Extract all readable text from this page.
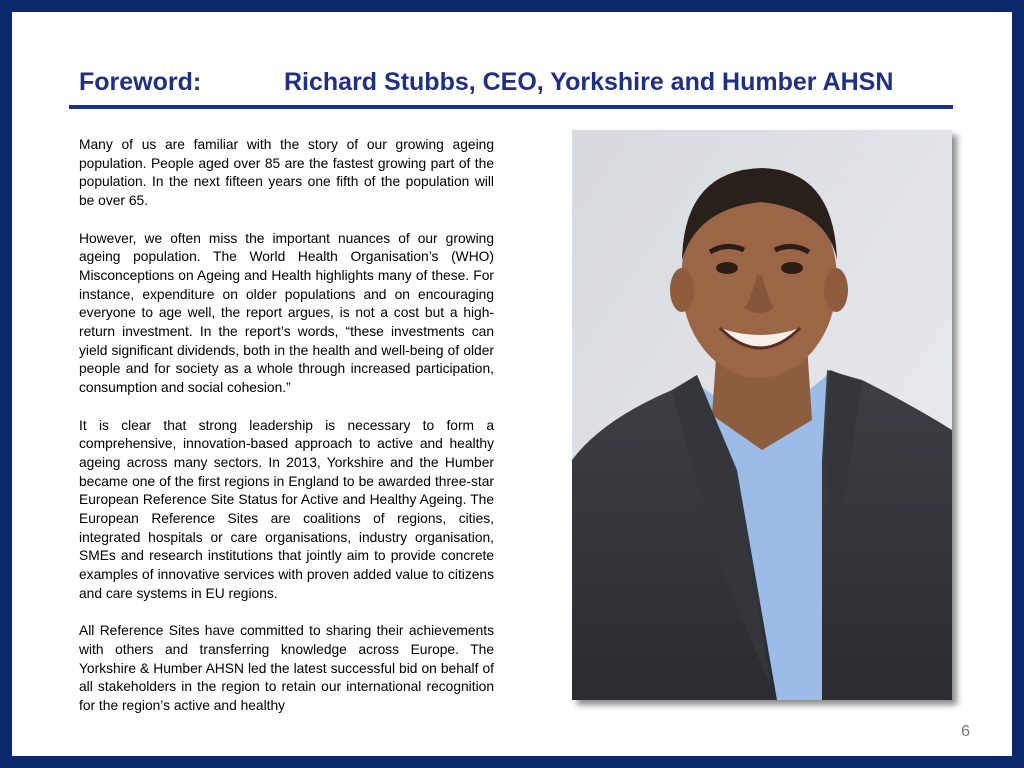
Foreword:	Richard Stubbs, CEO, Yorkshire and Humber AHSN

Many of us are familiar with the story of our growing ageing population. People aged over 85 are the fastest growing part of the population. In the next fifteen years one fifth of the population will be over 65.

However, we often miss the important nuances of our growing ageing population. The World Health Organisation’s (WHO) Misconceptions on Ageing and Health highlights many of these. For instance, expenditure on older populations and on encouraging everyone to age well, the report argues, is not a cost but a high-return investment. In the report’s words, “these investments can yield significant dividends, both in the health and well-being of older people and for society as a whole through increased participation, consumption and social cohesion.”

It is clear that strong leadership is necessary to form a comprehensive, innovation-based approach to active and healthy ageing across many sectors. In 2013, Yorkshire and the Humber became one of the first regions in England to be awarded three-star European Reference Site Status for Active and Healthy Ageing. The European Reference Sites are coalitions of regions, cities, integrated hospitals or care organisations, industry organisation, SMEs and research institutions that jointly aim to provide concrete examples of innovative services with proven added value to citizens and care systems in EU regions.

All Reference Sites have committed to sharing their achievements with others and transferring knowledge across Europe. The Yorkshire & Humber AHSN led the latest successful bid on behalf of all stakeholders in the region to retain our international recognition for the region’s active and healthy

6
